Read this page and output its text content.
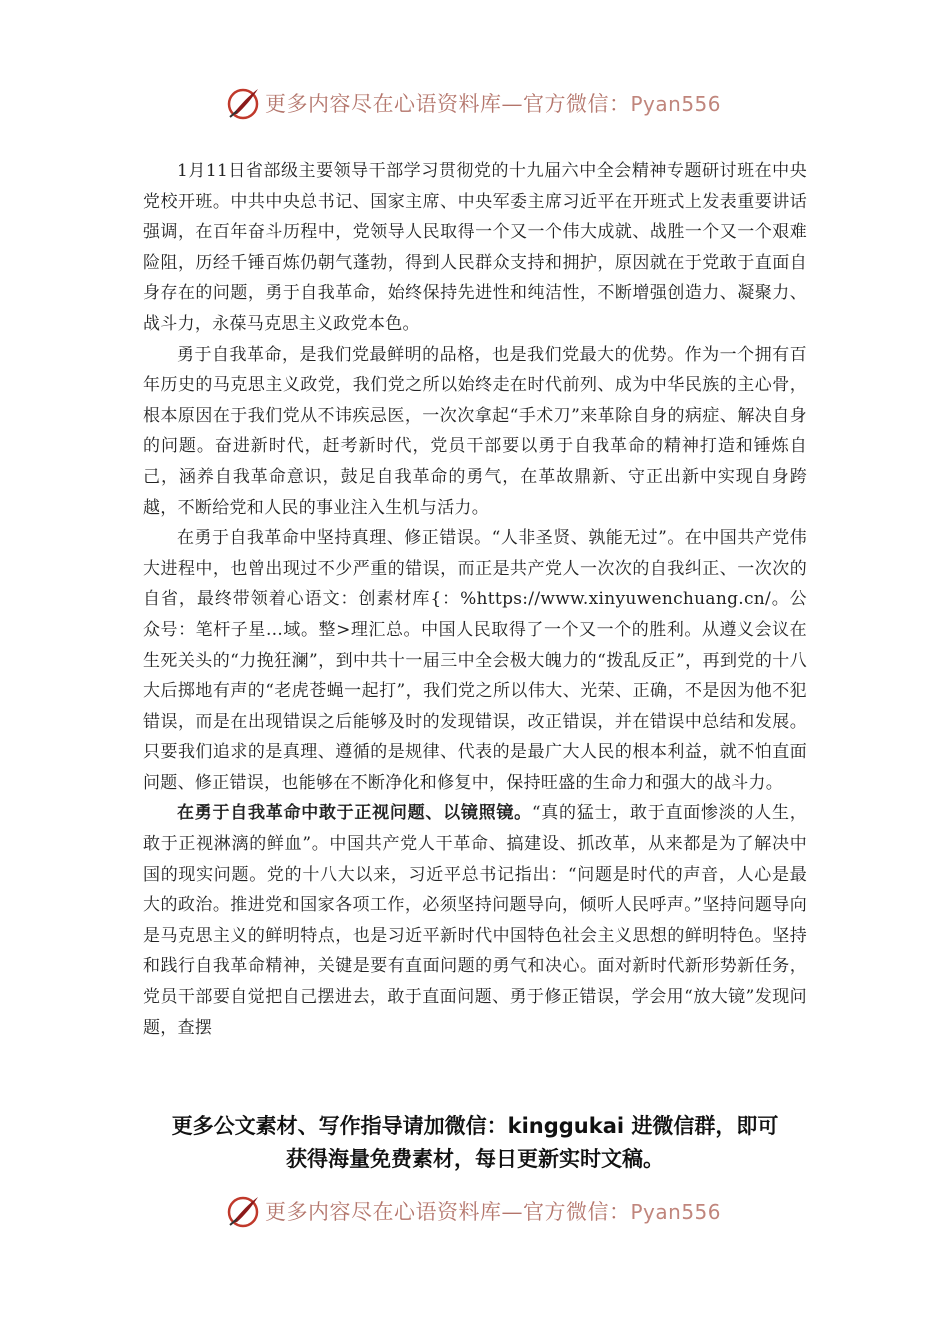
更多内容尽在心语资料库—官方微信：Pyan556

1月11日省部级主要领导干部学习贯彻党的十九届六中全会精神专题研讨班在中央党校开班。中共中央总书记、国家主席、中央军委主席习近平在开班式上发表重要讲话强调，在百年奋斗历程中，党领导人民取得一个又一个伟大成就、战胜一个又一个艰难险阻，历经千锤百炼仍朝气蓬勃，得到人民群众支持和拥护，原因就在于党敢于直面自身存在的问题，勇于自我革命，始终保持先进性和纯洁性，不断增强创造力、凝聚力、战斗力，永葆马克思主义政党本色。

勇于自我革命，是我们党最鲜明的品格，也是我们党最大的优势。作为一个拥有百年历史的马克思主义政党，我们党之所以始终走在时代前列、成为中华民族的主心骨，根本原因在于我们党从不讳疾忌医，一次次拿起“手术刀”来革除自身的病症、解决自身的问题。奋进新时代，赶考新时代，党员干部要以勇于自我革命的精神打造和锤炼自己，涵养自我革命意识，鼓足自我革命的勇气，在革故鼎新、守正出新中实现自身跨越，不断给党和人民的事业注入生机与活力。

在勇于自我革命中坚持真理、修正错误。“人非圣贤、孰能无过”。在中国共产党伟大进程中，也曾出现过不少严重的错误，而正是共产党人一次次的自我纠正、一次次的自省，最终带领着心语文：创素材库{：%https://www.xinyuwenchuang.cn/。公众号：笔杆子星…域。整>理汇总。中国人民取得了一个又一个的胜利。从遵义会议在生死关头的“力挽狂澜”，到中共十一届三中全会极大魄力的“拨乱反正”，再到党的十八大后掷地有声的“老虎苍蝇一起打”，我们党之所以伟大、光荣、正确，不是因为他不犯错误，而是在出现错误之后能够及时的发现错误，改正错误，并在错误中总结和发展。只要我们追求的是真理、遵循的是规律、代表的是最广大人民的根本利益，就不怕直面问题、修正错误，也能够在不断净化和修复中，保持旺盛的生命力和强大的战斗力。

在勇于自我革命中敢于正视问题、以镜照镜。“真的猛士，敢于直面惨淡的人生，敢于正视淋漓的鲜血”。中国共产党人干革命、搞建设、抓改革，从来都是为了解决中国的现实问题。党的十八大以来，习近平总书记指出：“问题是时代的声音，人心是最大的政治。推进党和国家各项工作，必须坚持问题导向，倾听人民呼声。”坚持问题导向是马克思主义的鲜明特点，也是习近平新时代中国特色社会主义思想的鲜明特色。坚持和践行自我革命精神，关键是要有直面问题的勇气和决心。面对新时代新形势新任务，党员干部要自觉把自己摆进去，敢于直面问题、勇于修正错误，学会用“放大镜”发现问题，查摆

更多公文素材、写作指导请加微信：kinggukai 进微信群，即可
获得海量免费素材，每日更新实时文稿。
更多内容尽在心语资料库—官方微信：Pyan556
